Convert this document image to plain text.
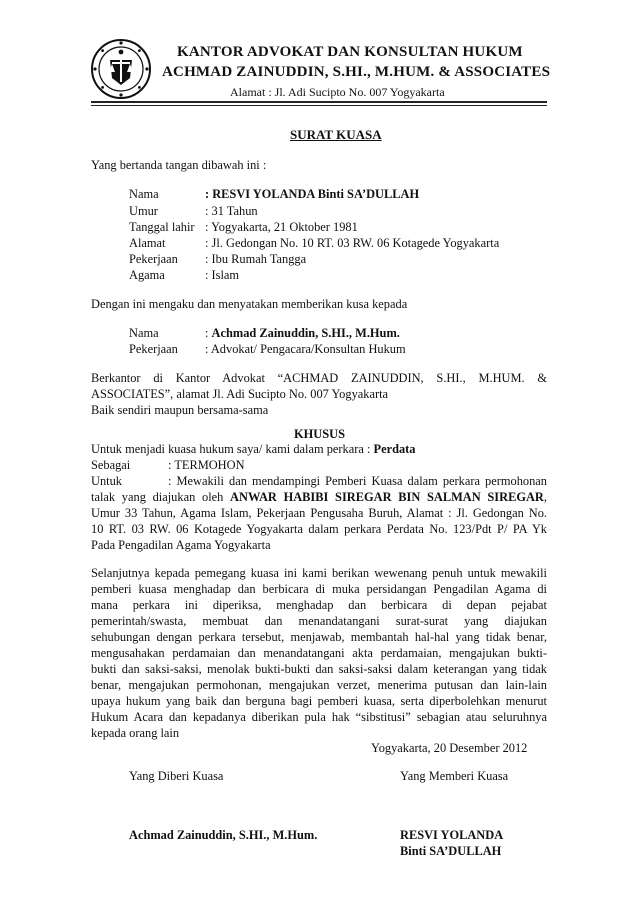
KANTOR ADVOKAT DAN KONSULTAN HUKUM
ACHMAD ZAINUDDIN, S.HI., M.HUM. & ASSOCIATES
Alamat : Jl. Adi Sucipto No. 007 Yogyakarta
SURAT KUASA
Yang bertanda tangan dibawah ini :
Nama	: RESVI YOLANDA Binti SA’DULLAH
Umur	: 31 Tahun
Tanggal lahir : Yogyakarta, 21 Oktober 1981
Alamat	: Jl. Gedongan No. 10 RT. 03 RW. 06 Kotagede Yogyakarta
Pekerjaan : Ibu Rumah Tangga
Agama	: Islam
Dengan ini mengaku dan menyatakan memberikan kusa kepada
Nama	: Achmad Zainuddin, S.HI., M.Hum.
Pekerjaan : Advokat/ Pengacara/Konsultan Hukum
Berkantor di Kantor Advokat “ACHMAD ZAINUDDIN, S.HI., M.HUM. &
ASSOCIATES”, alamat Jl. Adi Sucipto No. 007 Yogyakarta
Baik sendiri maupun bersama-sama
KHUSUS
Untuk menjadi kuasa hukum saya/ kami dalam perkara : Perdata
Sebagai	: TERMOHON
Untuk	: Mewakili dan mendampingi Pemberi Kuasa dalam perkara permohonan
talak yang diajukan oleh ANWAR HABIBI SIREGAR BIN SALMAN SIREGAR,
Umur 33 Tahun, Agama Islam, Pekerjaan Pengusaha Buruh, Alamat : Jl. Gedongan No.
10 RT. 03 RW. 06 Kotagede Yogyakarta dalam perkara Perdata No. 123/Pdt P/ PA Yk
Pada Pengadilan Agama Yogyakarta
Selanjutnya kepada pemegang kuasa ini kami berikan wewenang penuh untuk mewakili
pemberi kuasa menghadap dan berbicara di muka persidangan Pengadilan Agama di
mana perkara ini diperiksa, menghadap dan berbicara di depan pejabat
pemerintah/swasta, membuat dan menandatangani surat-surat yang diajukan
sehubungan dengan perkara tersebut, menjawab, membantah hal-hal yang tidak benar,
mengusahakan perdamaian dan menandatangani akta perdamaian, mengajukan bukti-
bukti dan saksi-saksi, menolak bukti-bukti dan saksi-saksi dalam keterangan yang tidak
benar, mengajukan permohonan, mengajukan verzet, menerima putusan dan lain-lain
upaya hukum yang baik dan berguna bagi pemberi kuasa, serta diperbolehkan menurut
Hukum Acara dan kepadanya diberikan pula hak “sibstitusi” sebagian atau seluruhnya
kepada orang lain
Yogyakarta, 20 Desember 2012
Yang Diberi Kuasa	Yang Memberi Kuasa
Achmad Zainuddin, S.HI., M.Hum.	RESVI YOLANDA
Binti SA’DULLAH
